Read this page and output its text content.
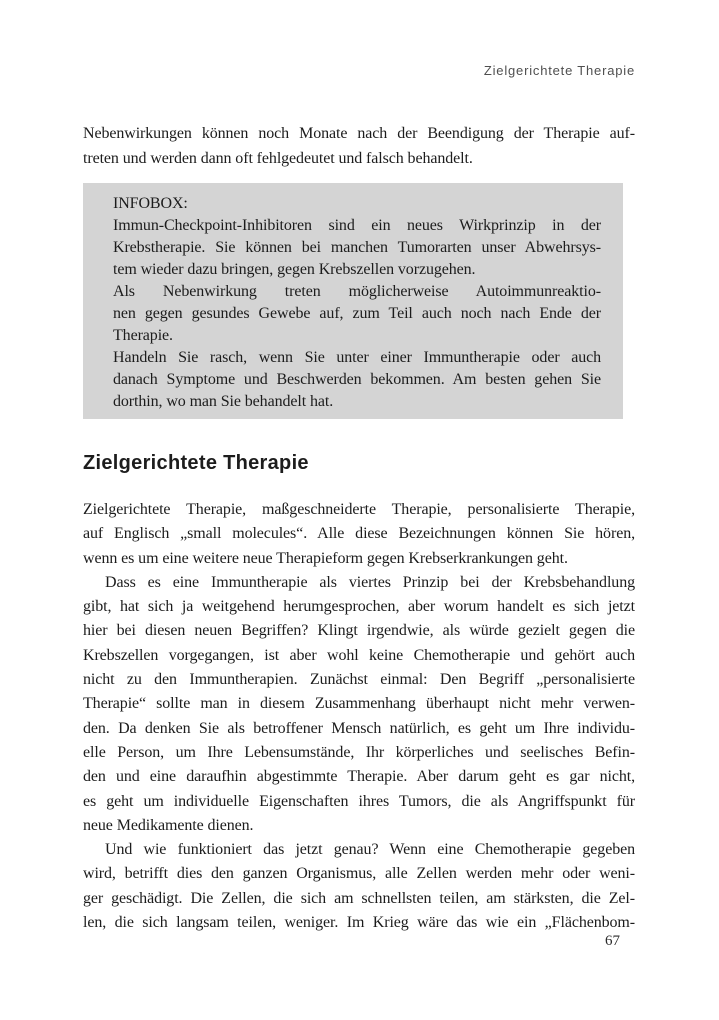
Zielgerichtete Therapie
Nebenwirkungen können noch Monate nach der Beendigung der Therapie auf-
treten und werden dann oft fehlgedeutet und falsch behandelt.
INFOBOX:
Immun-Checkpoint-Inhibitoren sind ein neues Wirkprinzip in der
Krebstherapie. Sie können bei manchen Tumorarten unser Abwehrsys-
tem wieder dazu bringen, gegen Krebszellen vorzugehen.
Als Nebenwirkung treten möglicherweise Autoimmunreaktio-
nen gegen gesundes Gewebe auf, zum Teil auch noch nach Ende der
Therapie.
Handeln Sie rasch, wenn Sie unter einer Immuntherapie oder auch
danach Symptome und Beschwerden bekommen. Am besten gehen Sie
dorthin, wo man Sie behandelt hat.
Zielgerichtete Therapie
Zielgerichtete Therapie, maßgeschneiderte Therapie, personalisierte Therapie,
auf Englisch „small molecules“. Alle diese Bezeichnungen können Sie hören,
wenn es um eine weitere neue Therapieform gegen Krebserkrankungen geht.
Dass es eine Immuntherapie als viertes Prinzip bei der Krebsbehandlung
gibt, hat sich ja weitgehend herumgesprochen, aber worum handelt es sich jetzt
hier bei diesen neuen Begriffen? Klingt irgendwie, als würde gezielt gegen die
Krebszellen vorgegangen, ist aber wohl keine Chemotherapie und gehört auch
nicht zu den Immuntherapien. Zunächst einmal: Den Begriff „personalisierte
Therapie“ sollte man in diesem Zusammenhang überhaupt nicht mehr verwen-
den. Da denken Sie als betroffener Mensch natürlich, es geht um Ihre individu-
elle Person, um Ihre Lebensumstände, Ihr körperliches und seelisches Befin-
den und eine daraufhin abgestimmte Therapie. Aber darum geht es gar nicht,
es geht um individuelle Eigenschaften ihres Tumors, die als Angriffspunkt für
neue Medikamente dienen.
Und wie funktioniert das jetzt genau? Wenn eine Chemotherapie gegeben
wird, betrifft dies den ganzen Organismus, alle Zellen werden mehr oder weni-
ger geschädigt. Die Zellen, die sich am schnellsten teilen, am stärksten, die Zel-
len, die sich langsam teilen, weniger. Im Krieg wäre das wie ein „Flächenbom-
67
